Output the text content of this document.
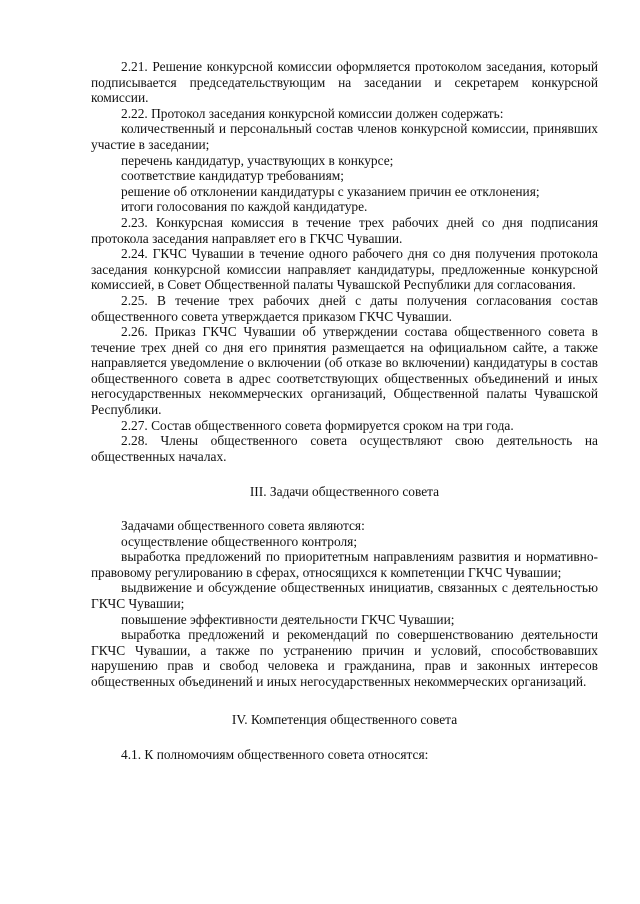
2.21. Решение конкурсной комиссии оформляется протоколом заседания, который подписывается председательствующим на заседании и секретарем конкурсной комиссии.

2.22. Протокол заседания конкурсной комиссии должен содержать:

количественный и персональный состав членов конкурсной комиссии, принявших участие в заседании;

перечень кандидатур, участвующих в конкурсе;

соответствие кандидатур требованиям;

решение об отклонении кандидатуры с указанием причин ее отклонения;

итоги голосования по каждой кандидатуре.

2.23. Конкурсная комиссия в течение трех рабочих дней со дня подписания протокола заседания направляет его в ГКЧС Чувашии.

2.24. ГКЧС Чувашии в течение одного рабочего дня со дня получения протокола заседания конкурсной комиссии направляет кандидатуры, предложенные конкурсной комиссией, в Совет Общественной палаты Чувашской Республики для согласования.

2.25. В течение трех рабочих дней с даты получения согласования состав общественного совета утверждается приказом ГКЧС Чувашии.

2.26. Приказ ГКЧС Чувашии об утверждении состава общественного совета в течение трех дней со дня его принятия размещается на официальном сайте, а также направляется уведомление о включении (об отказе во включении) кандидатуры в состав общественного совета в адрес соответствующих общественных объединений и иных негосударственных некоммерческих организаций, Общественной палаты Чувашской Республики.

2.27. Состав общественного совета формируется сроком на три года.

2.28. Члены общественного совета осуществляют свою деятельность на общественных началах.

III. Задачи общественного совета

Задачами общественного совета являются:

осуществление общественного контроля;

выработка предложений по приоритетным направлениям развития и нормативно-правовому регулированию в сферах, относящихся к компетенции ГКЧС Чувашии;

выдвижение и обсуждение общественных инициатив, связанных с деятельностью ГКЧС Чувашии;

повышение эффективности деятельности ГКЧС Чувашии;

выработка предложений и рекомендаций по совершенствованию деятельности ГКЧС Чувашии, а также по устранению причин и условий, способствовавших нарушению прав и свобод человека и гражданина, прав и законных интересов общественных объединений и иных негосударственных некоммерческих организаций.

IV. Компетенция общественного совета

4.1. К полномочиям общественного совета относятся:
